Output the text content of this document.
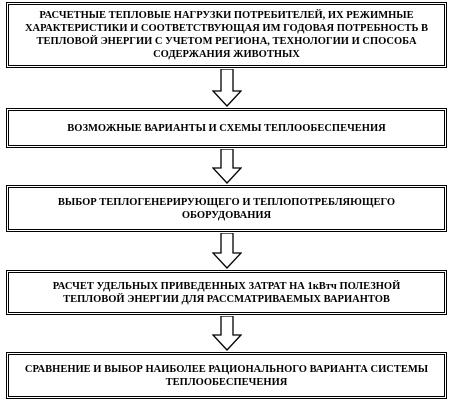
РАСЧЕТНЫЕ ТЕПЛОВЫЕ НАГРУЗКИ ПОТРЕБИТЕЛЕЙ, ИХ РЕЖИМНЫЕ ХАРАКТЕРИСТИКИ И СООТВЕТСТВУЮЩАЯ ИМ ГОДОВАЯ ПОТРЕБНОСТЬ В ТЕПЛОВОЙ ЭНЕРГИИ С УЧЕТОМ РЕГИОНА, ТЕХНОЛОГИИ И СПОСОБА СОДЕРЖАНИЯ ЖИВОТНЫХ
ВОЗМОЖНЫЕ ВАРИАНТЫ И СХЕМЫ ТЕПЛООБЕСПЕЧЕНИЯ
ВЫБОР ТЕПЛОГЕНЕРИРУЮЩЕГО И ТЕПЛОПОТРЕБЛЯЮЩЕГО ОБОРУДОВАНИЯ
РАСЧЕТ УДЕЛЬНЫХ ПРИВЕДЕННЫХ ЗАТРАТ НА 1кВтч ПОЛЕЗНОЙ ТЕПЛОВОЙ ЭНЕРГИИ ДЛЯ РАССМАТРИВАЕМЫХ ВАРИАНТОВ
СРАВНЕНИЕ И ВЫБОР НАИБОЛЕЕ РАЦИОНАЛЬНОГО ВАРИАНТА СИСТЕМЫ ТЕПЛООБЕСПЕЧЕНИЯ
